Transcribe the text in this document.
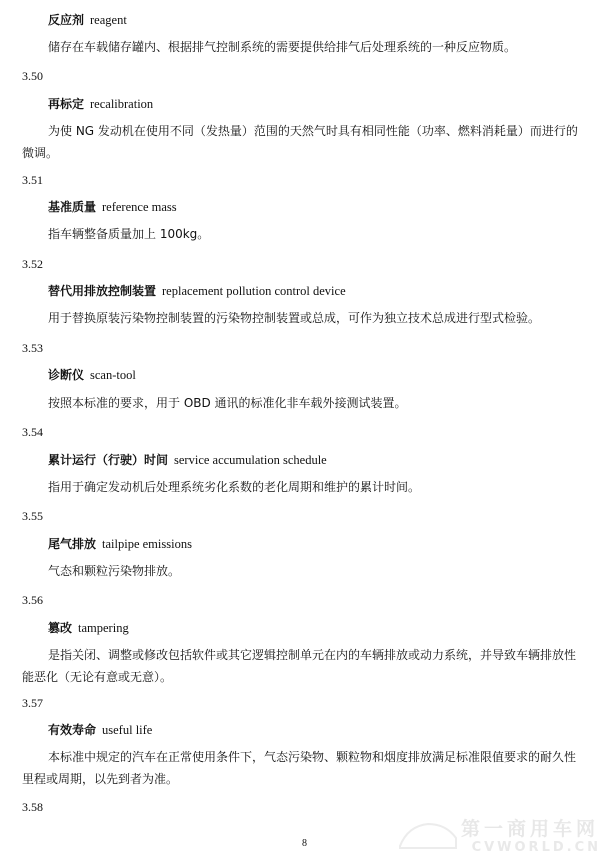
反应剂 reagent
储存在车载储存罐内、根据排气控制系统的需要提供给排气后处理系统的一种反应物质。
3.50
再标定 recalibration
为使 NG 发动机在使用不同（发热量）范围的天然气时具有相同性能（功率、燃料消耗量）而进行的微调。
3.51
基准质量 reference mass
指车辆整备质量加上 100kg。
3.52
替代用排放控制装置 replacement pollution control device
用于替换原装污染物控制装置的污染物控制装置或总成，可作为独立技术总成进行型式检验。
3.53
诊断仪 scan-tool
按照本标准的要求，用于 OBD 通讯的标准化非车载外接测试装置。
3.54
累计运行（行驶）时间 service accumulation schedule
指用于确定发动机后处理系统劣化系数的老化周期和维护的累计时间。
3.55
尾气排放 tailpipe emissions
气态和颗粒污染物排放。
3.56
篡改 tampering
是指关闭、调整或修改包括软件或其它逻辑控制单元在内的车辆排放或动力系统，并导致车辆排放性能恶化（无论有意或无意）。
3.57
有效寿命 useful life
本标准中规定的汽车在正常使用条件下，气态污染物、颗粒物和烟度排放满足标准限值要求的耐久性里程或周期，以先到者为准。
3.58
第一商用车网
CVWORLD.CN
8
